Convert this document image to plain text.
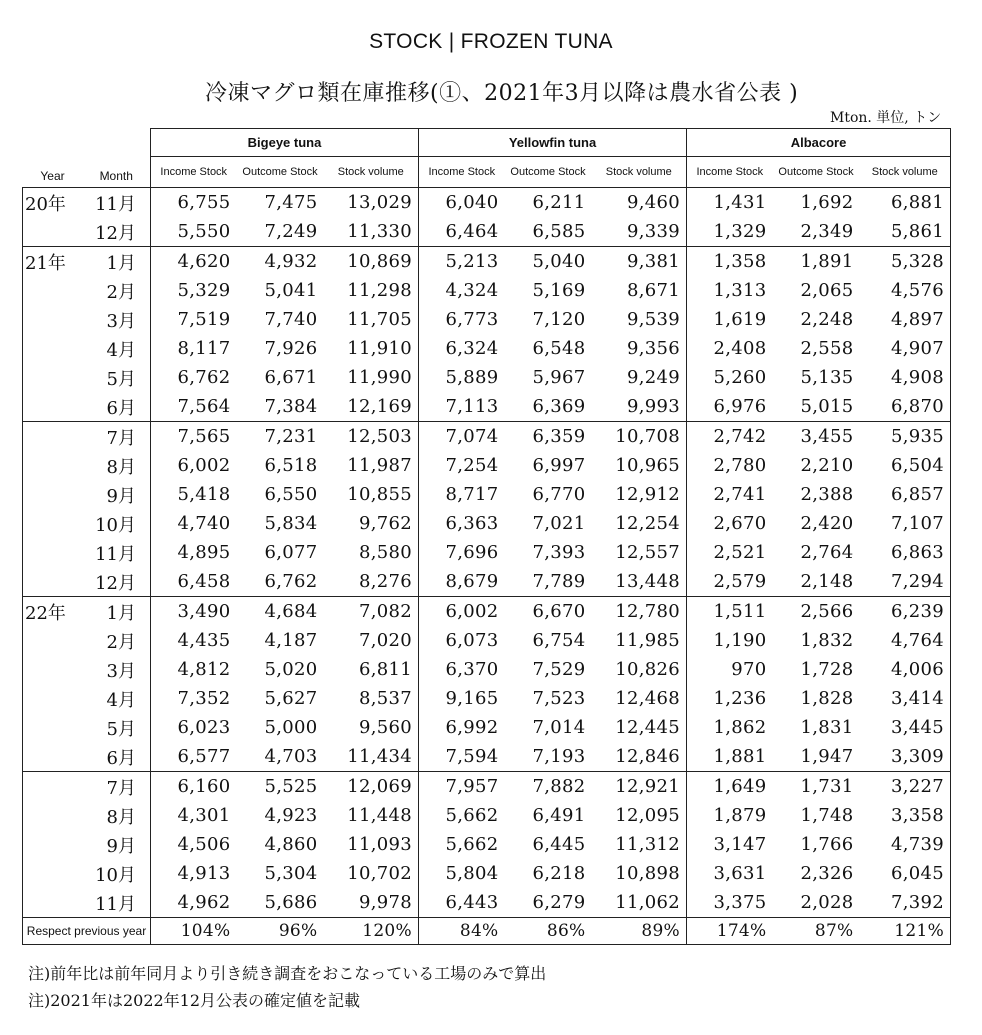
STOCK | FROZEN TUNA
冷凍マグロ類在庫推移(①、2021年3月以降は農水省公表 )
Mton. 単位, トン
		Bigeye tuna			Yellowfin tuna			Albacore		
Year	Month	Income Stock	Outcome Stock	Stock volume	Income Stock	Outcome Stock	Stock volume	Income Stock	Outcome Stock	Stock volume
20年	11月	6,755	7,475	13,029	6,040	6,211	9,460	1,431	1,692	6,881
	12月	5,550	7,249	11,330	6,464	6,585	9,339	1,329	2,349	5,861
21年	1月	4,620	4,932	10,869	5,213	5,040	9,381	1,358	1,891	5,328
	2月	5,329	5,041	11,298	4,324	5,169	8,671	1,313	2,065	4,576
	3月	7,519	7,740	11,705	6,773	7,120	9,539	1,619	2,248	4,897
	4月	8,117	7,926	11,910	6,324	6,548	9,356	2,408	2,558	4,907
	5月	6,762	6,671	11,990	5,889	5,967	9,249	5,260	5,135	4,908
	6月	7,564	7,384	12,169	7,113	6,369	9,993	6,976	5,015	6,870
	7月	7,565	7,231	12,503	7,074	6,359	10,708	2,742	3,455	5,935
	8月	6,002	6,518	11,987	7,254	6,997	10,965	2,780	2,210	6,504
	9月	5,418	6,550	10,855	8,717	6,770	12,912	2,741	2,388	6,857
	10月	4,740	5,834	9,762	6,363	7,021	12,254	2,670	2,420	7,107
	11月	4,895	6,077	8,580	7,696	7,393	12,557	2,521	2,764	6,863
	12月	6,458	6,762	8,276	8,679	7,789	13,448	2,579	2,148	7,294
22年	1月	3,490	4,684	7,082	6,002	6,670	12,780	1,511	2,566	6,239
	2月	4,435	4,187	7,020	6,073	6,754	11,985	1,190	1,832	4,764
	3月	4,812	5,020	6,811	6,370	7,529	10,826	970	1,728	4,006
	4月	7,352	5,627	8,537	9,165	7,523	12,468	1,236	1,828	3,414
	5月	6,023	5,000	9,560	6,992	7,014	12,445	1,862	1,831	3,445
	6月	6,577	4,703	11,434	7,594	7,193	12,846	1,881	1,947	3,309
	7月	6,160	5,525	12,069	7,957	7,882	12,921	1,649	1,731	3,227
	8月	4,301	4,923	11,448	5,662	6,491	12,095	1,879	1,748	3,358
	9月	4,506	4,860	11,093	5,662	6,445	11,312	3,147	1,766	4,739
	10月	4,913	5,304	10,702	5,804	6,218	10,898	3,631	2,326	6,045
	11月	4,962	5,686	9,978	6,443	6,279	11,062	3,375	2,028	7,392
Respect previous year		104%	96%	120%	84%	86%	89%	174%	87%	121%
注)前年比は前年同月より引き続き調査をおこなっている工場のみで算出
注)2021年は2022年12月公表の確定値を記載
